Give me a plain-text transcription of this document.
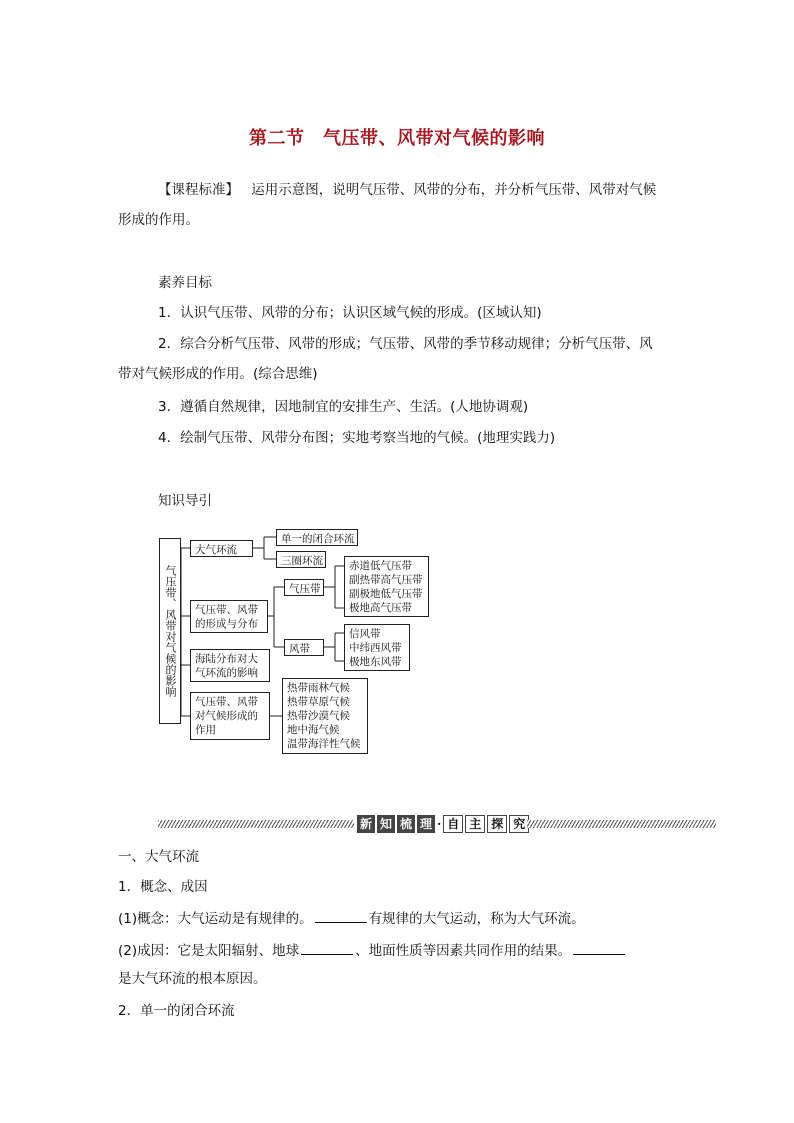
第二节　气压带、风带对气候的影响
【课程标准】 运用示意图，说明气压带、风带的分布，并分析气压带、风带对气候
形成的作用。
素养目标
1．认识气压带、风带的分布；认识区域气候的形成。(区域认知)
2．综合分析气压带、风带的形成；气压带、风带的季节移动规律；分析气压带、风
带对气候形成的作用。(综合思维)
3．遵循自然规律，因地制宜的安排生产、生活。(人地协调观)
4．绘制气压带、风带分布图；实地考察当地的气候。(地理实践力)
知识导引
气压带、风带对气候的影响
大气环流
单一的闭合环流
三圈环流
气压带、风带的形成与分布
气压带
赤道低气压带
副热带高气压带
副极地低气压带
极地高气压带
风带
信风带
中纬西风带
极地东风带
海陆分布对大气环流的影响
气压带、风带对气候形成的作用
热带雨林气候
热带草原气候
热带沙漠气候
地中海气候
温带海洋性气候
新 知 梳 理 · 自 主 探 究
一、大气环流
1．概念、成因
(1)概念：大气运动是有规律的。	有规律的大气运动，称为大气环流。
(2)成因：它是太阳辐射、地球	、地面性质等因素共同作用的结果。
是大气环流的根本原因。
2．单一的闭合环流
